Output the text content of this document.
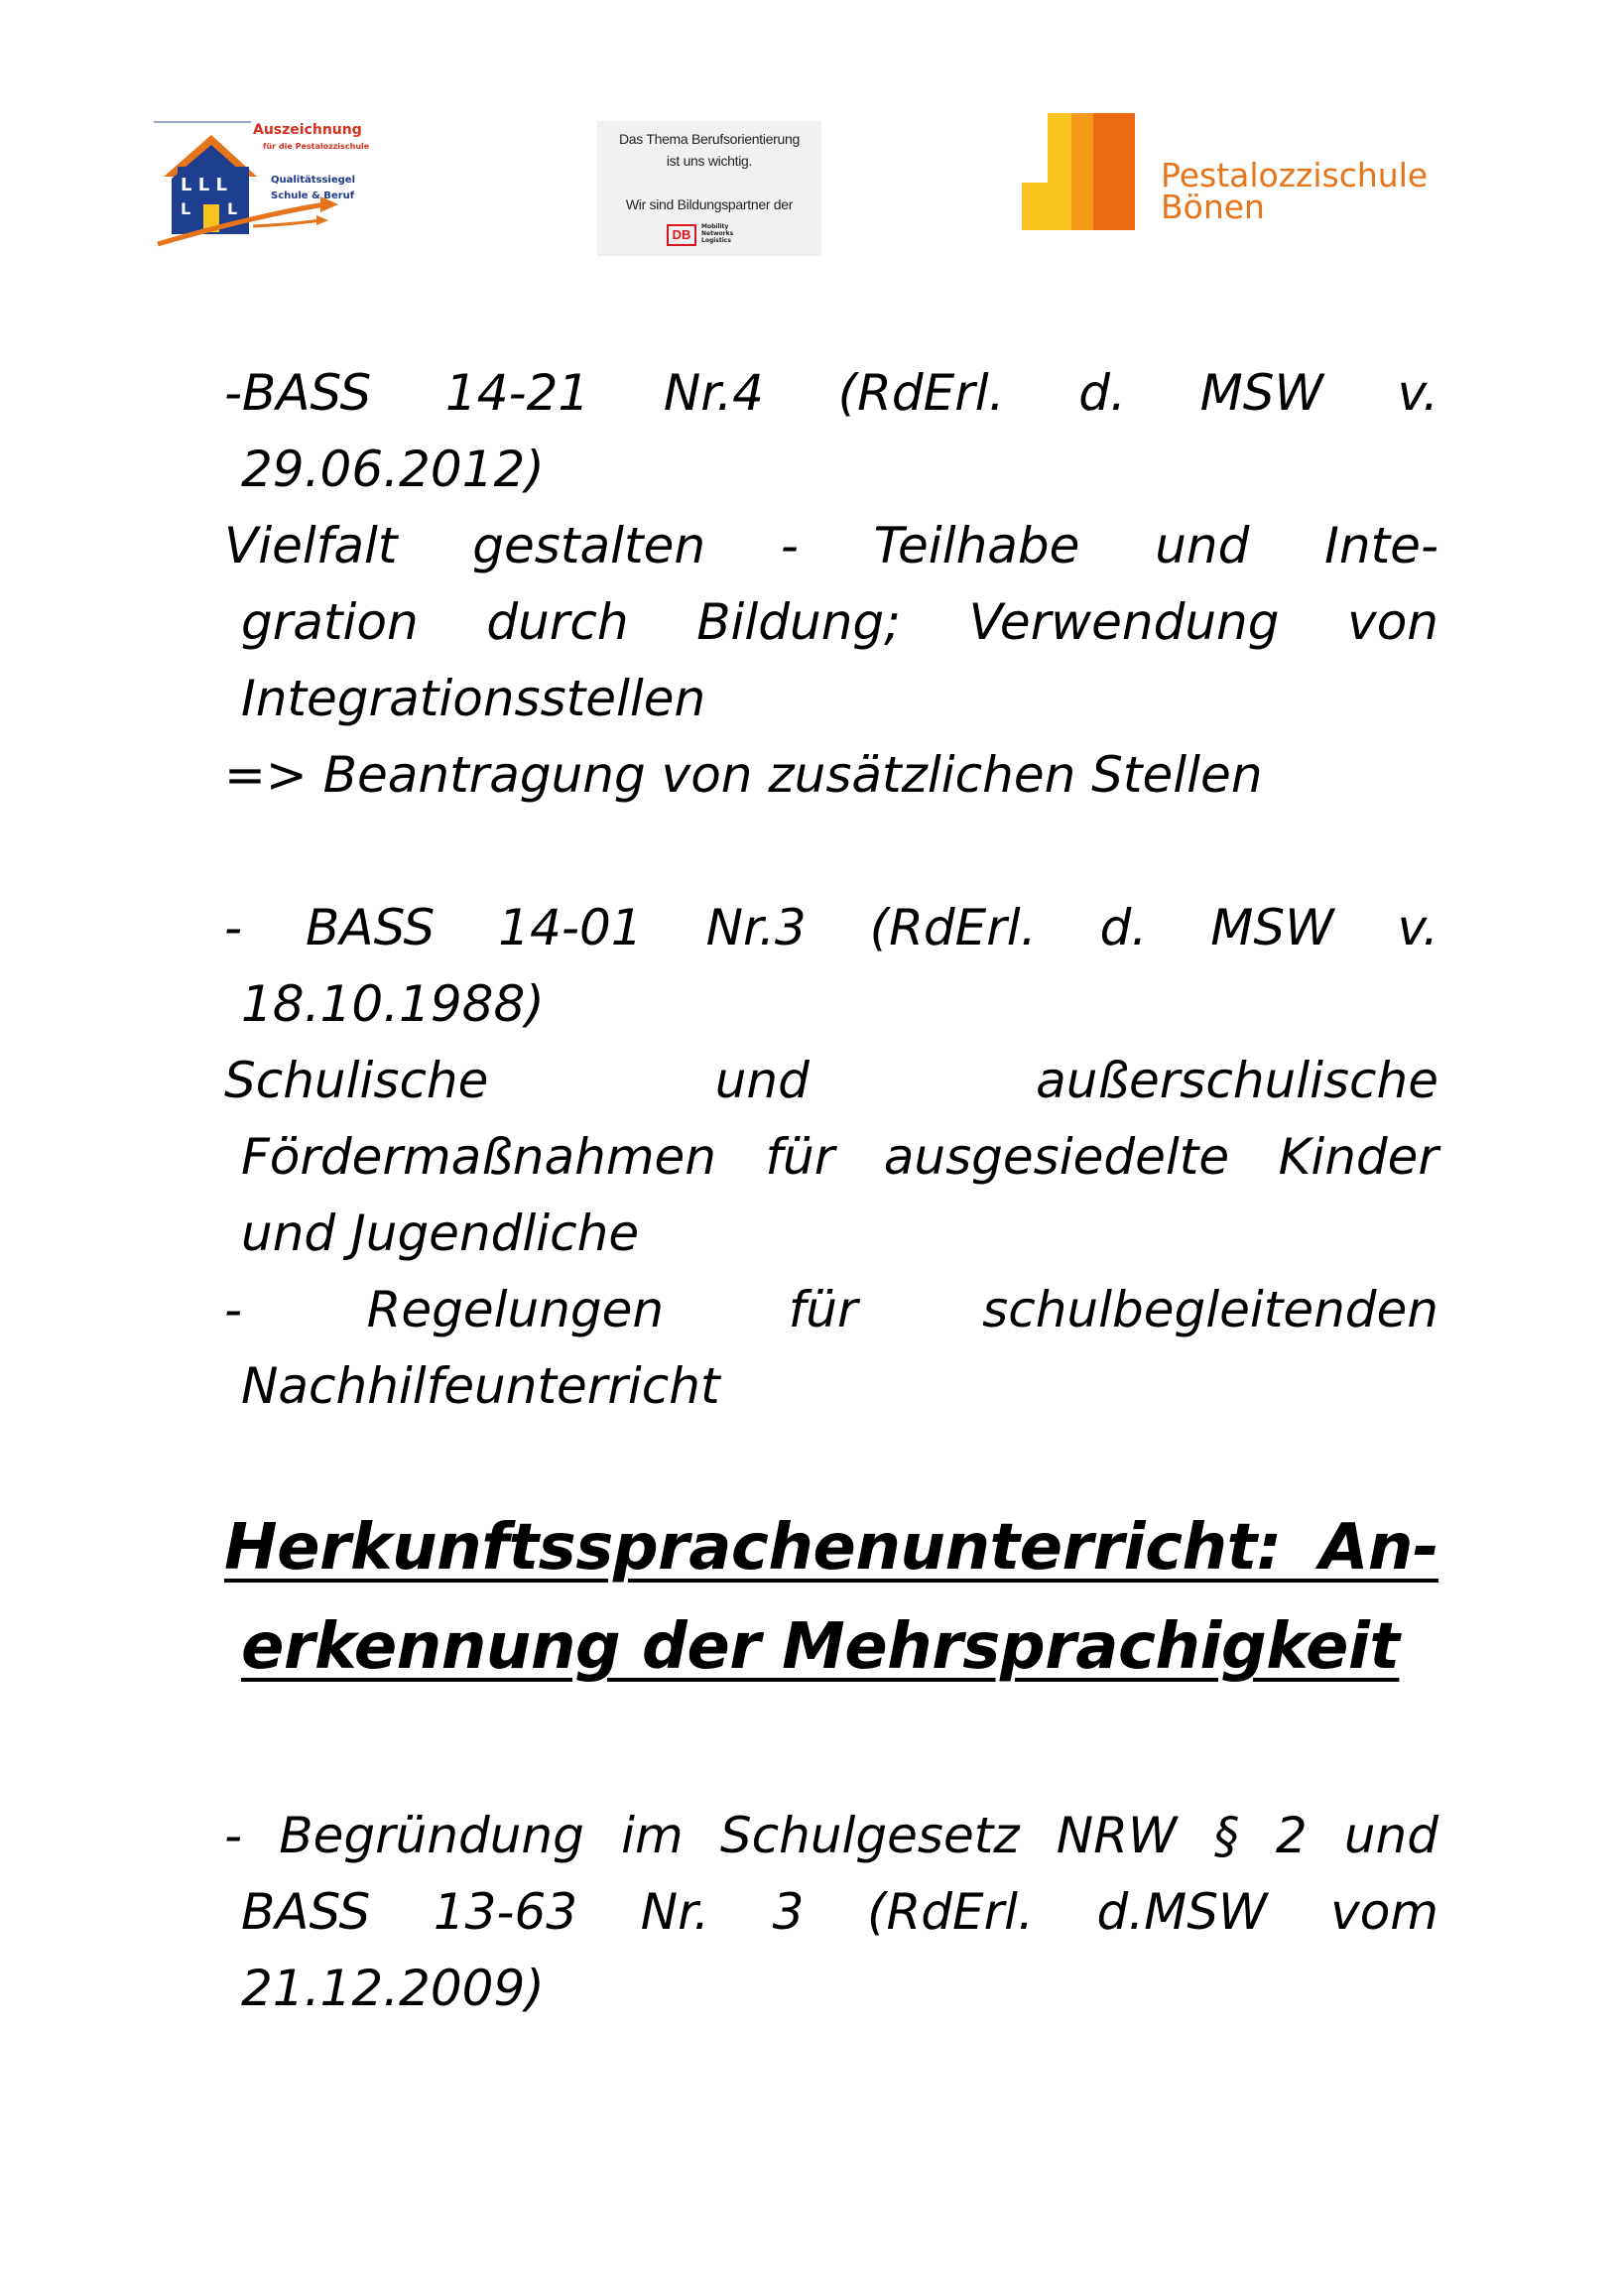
L L L
L L
Auszeichnung
für die Pestalozzischule
Qualitätssiegel
Schule & Beruf
Das Thema Berufsorientierung
ist uns wichtig.
Wir sind Bildungspartner der
DB
Mobility Networks Logistics
Pestalozzischule
Bönen
-BASS 14-21 Nr.4 (RdErl. d. MSW v.
29.06.2012)
Vielfalt gestalten - Teilhabe und Inte-
gration durch Bildung; Verwendung von
Integrationsstellen
=> Beantragung von zusätzlichen Stellen
- BASS 14-01 Nr.3 (RdErl. d. MSW v.
18.10.1988)
Schulische und außerschulische
Fördermaßnahmen für ausgesiedelte Kinder
und Jugendliche
- Regelungen für schulbegleitenden
Nachhilfeunterricht
Herkunftssprachenunterricht: An-
erkennung der Mehrsprachigkeit
- Begründung im Schulgesetz NRW § 2 und
BASS 13-63 Nr. 3 (RdErl. d.MSW vom
21.12.2009)
